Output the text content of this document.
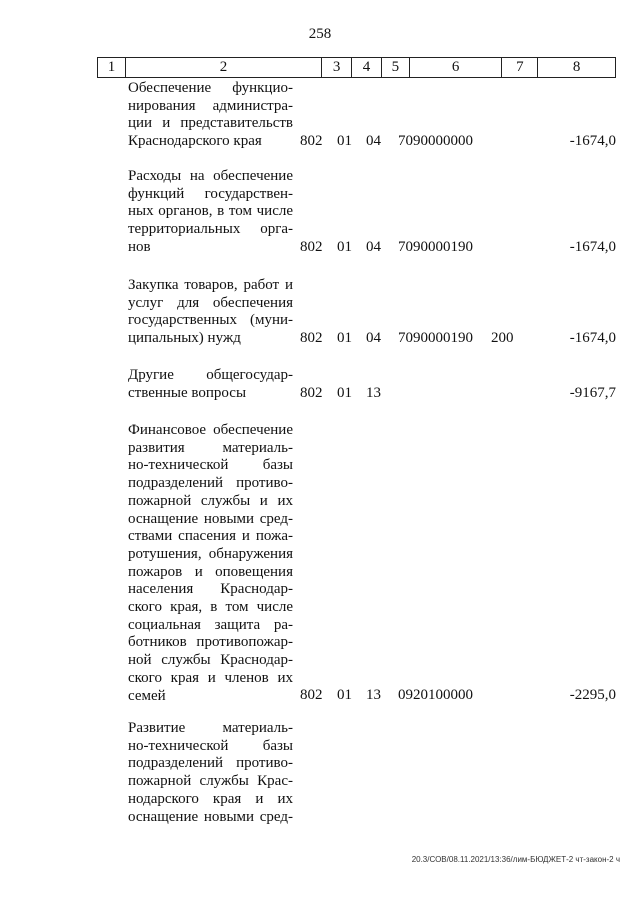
258
1	2	3	4	5	6	7	8
Обеспечение функцио-
нирования администра-
ции и представительств
Краснодарского края	802 01 04 7090000000	-1674,0
Расходы на обеспечение
функций государствен-
ных органов, в том числе
территориальных орга-
нов	802 01 04 7090000190	-1674,0
Закупка товаров, работ и
услуг для обеспечения
государственных (муни-
ципальных) нужд	802 01 04 7090000190 200	-1674,0
Другие общегосудар-
ственные вопросы	802 01 13	-9167,7
Финансовое обеспечение
развития материаль-
но-технической базы
подразделений противо-
пожарной службы и их
оснащение новыми сред-
ствами спасения и пожа-
ротушения, обнаружения
пожаров и оповещения
населения Краснодар-
ского края, в том числе
социальная защита ра-
ботников противопожар-
ной службы Краснодар-
ского края и членов их
семей	802 01 13 0920100000	-2295,0
Развитие материаль-
но-технической базы
подразделений противо-
пожарной службы Крас-
нодарского края и их
оснащение новыми сред-
20.3/СОВ/08.11.2021/13:36/лим-БЮДЖЕТ-2 чт-закон-2 ч
